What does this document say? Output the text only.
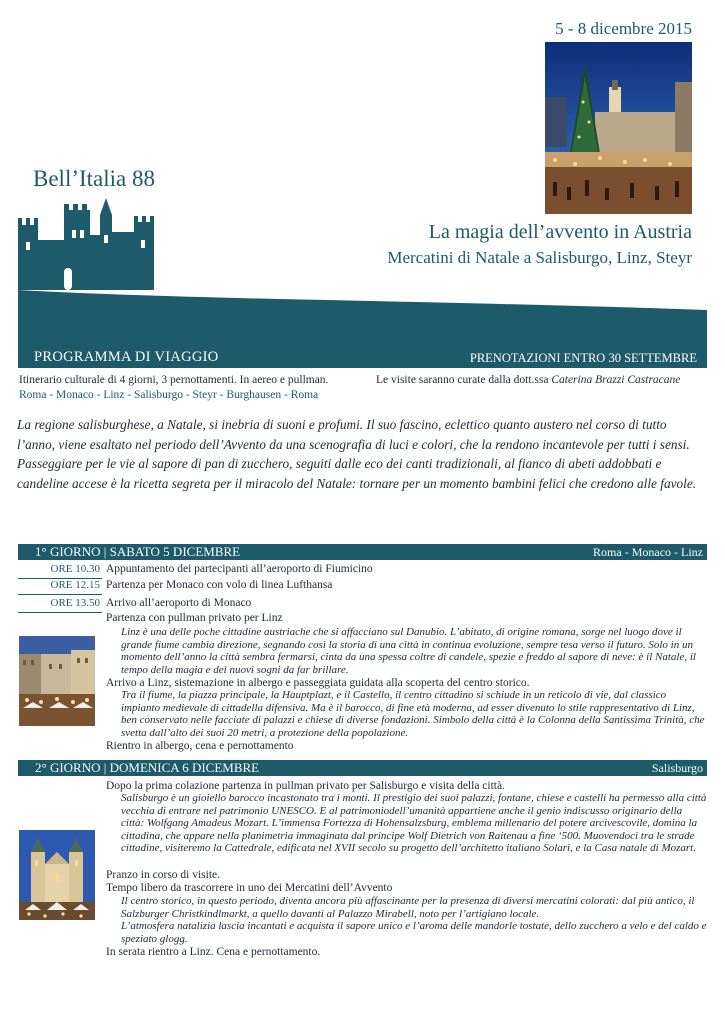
5 - 8 dicembre 2015
Bell’Italia 88
La magia dell’avvento in Austria
Mercatini di Natale a Salisburgo, Linz, Steyr
PROGRAMMA DI VIAGGIO	PRENOTAZIONI ENTRO 30 SETTEMBRE
Itinerario culturale di 4 giorni, 3 pernottamenti. In aereo e pullman.	Le visite saranno curate dalla dott.ssa Caterina Brazzi Castracane
Roma - Monaco - Linz - Salisburgo - Steyr - Burghausen - Roma
La regione salisburghese, a Natale, si inebria di suoni e profumi. Il suo fascino, eclettico quanto austero nel corso di tutto l’anno, viene esaltato nel periodo dell’Avvento da una scenografia di luci e colori, che la rendono incantevole per tutti i sensi. Passeggiare per le vie al sapore di pan di zucchero, seguiti dalle eco dei canti tradizionali, al fianco di abeti addobbati e candeline accese è la ricetta segreta per il miracolo del Natale: tornare per un momento bambini felici che credono alle favole.
1° GIORNO | SABATO 5 DICEMBRE	Roma - Monaco - Linz
ORE 10.30 Appuntamento dei partecipanti all’aeroporto di Fiumicino
ORE 12.15 Partenza per Monaco con volo di linea Lufthansa
ORE 13.50 Arrivo all’aeroporto di Monaco
Partenza con pullman privato per Linz
Linz è una delle poche cittadine austriache che si affacciano sul Danubio. L’abitato, di origine romana, sorge nel luogo dove il grande fiume cambia direzione, segnando così la storia di una città in continua evoluzione, sempre tesa verso il futuro. Solo in un momento dell’anno la città sembra fermarsi, cinta da una spessa coltre di candele, spezie e freddo al sapore di neve: è il Natale, il tempo della magia e dei nuovi sogni da far brillare.
Arrivo a Linz, sistemazione in albergo e passeggiata guidata alla scoperta del centro storico.
Tra il fiume, la piazza principale, la Hauptplazt, e il Castello, il centro cittadino si schiude in un reticolo di vie, dal classico impianto medievale di cittadella difensiva. Ma è il barocco, di fine età moderna, ad esser divenuto lo stile rappresentativo di Linz, ben conservato nelle facciate di palazzi e chiese di diverse fondazioni. Simbolo della città è la Colonna della Santissima Trinità, che svetta dall’alto dei suoi 20 metri, a protezione della popolazione.
Rientro in albergo, cena e pernottamento
2° GIORNO | DOMENICA 6 DICEMBRE	Salisburgo
Dopo la prima colazione partenza in pullman privato per Salisburgo e visita della città.
Salisburgo è un gioiello barocco incastonato tra i monti. Il prestigio dei suoi palazzi, fontane, chiese e castelli ha permesso alla città vecchia di entrare nel patrimonio UNESCO. E al patrimoniodell’umanità appartiene anche il genio indiscusso originario della città: Wolfgang Amadeus Mozart. L’immensa Fortezza di Hohensalzsburg, emblema millenario del potere arcivescovile, domina la cittadina, che appare nella planimetria immaginata dal principe Wolf Dietrich von Raitenau a fine ‘500. Muovendoci tra le strade cittadine, visiteremo la Cattedrale, edificata nel XVII secolo su progetto dell’architetto italiano Solari, e la Casa natale di Mozart.
Pranzo in corso di visite.
Tempo libero da trascorrere in uno dei Mercatini dell’Avvento
Il centro storico, in questo periodo, diventa ancora più affascinante per la presenza di diversi mercatini colorati: dal più antico, il Salzburger Christkindlmarkt, a quello davanti al Palazzo Mirabell, noto per l’artigiano locale.
L’atmosfera natalizia lascia incantati e acquista il sapore unico e l’aroma delle mandorle tostate, dello zucchero a velo e del caldo e speziato glogg.
In serata rientro a Linz. Cena e pernottamento.
